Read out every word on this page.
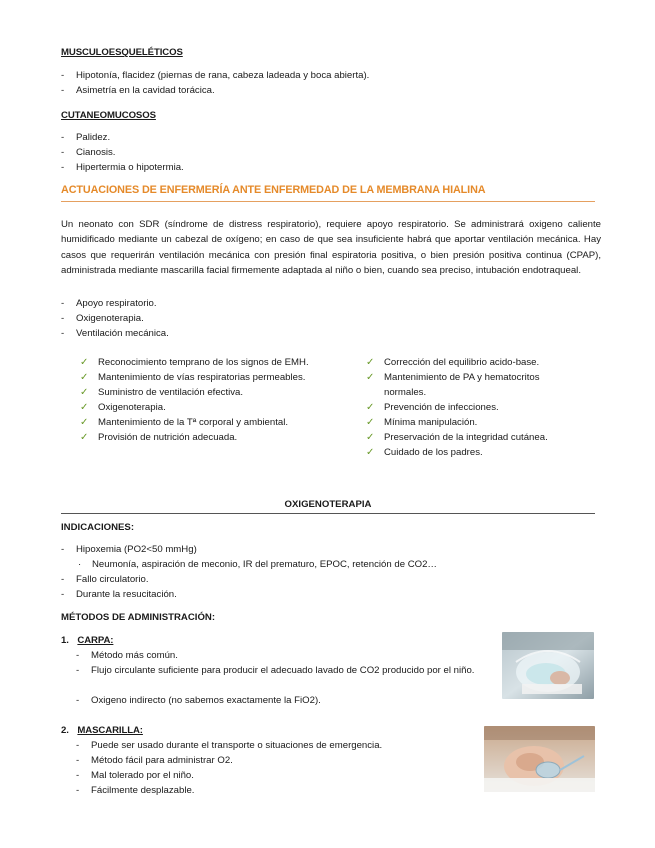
MUSCULOESQUELÉTICOS
- Hipotonía, flacidez (piernas de rana, cabeza ladeada y boca abierta).
- Asimetría en la cavidad torácica.
CUTANEOMUCOSOS
- Palidez.
- Cianosis.
- Hipertermia o hipotermia.
ACTUACIONES DE ENFERMERÍA ANTE ENFERMEDAD DE LA MEMBRANA HIALINA
Un neonato con SDR (síndrome de distress respiratorio), requiere apoyo respiratorio. Se administrará oxigeno caliente humidificado mediante un cabezal de oxígeno; en caso de que sea insuficiente habrá que aportar ventilación mecánica. Hay casos que requerirán ventilación mecánica con presión final espiratoria positiva, o bien presión positiva continua (CPAP), administrada mediante mascarilla facial firmemente adaptada al niño o bien, cuando sea preciso, intubación endotraqueal.
- Apoyo respiratorio.
- Oxigenoterapia.
- Ventilación mecánica.
✓ Reconocimiento temprano de los signos de EMH.
✓ Mantenimiento de vías respiratorias permeables.
✓ Suministro de ventilación efectiva.
✓ Oxigenoterapia.
✓ Mantenimiento de la Tª corporal y ambiental.
✓ Provisión de nutrición adecuada.
✓ Corrección del equilibrio acido-base.
✓ Mantenimiento de PA y hematocritos normales.
✓ Prevención de infecciones.
✓ Mínima manipulación.
✓ Preservación de la integridad cutánea.
✓ Cuidado de los padres.
OXIGENOTERAPIA
INDICACIONES:
- Hipoxemia (PO2<50 mmHg)
· Neumonía, aspiración de meconio, IR del prematuro, EPOC, retención de CO2…
- Fallo circulatorio.
- Durante la resucitación.
MÉTODOS DE ADMINISTRACIÓN:
1. CARPA:
- Método más común.
- Flujo circulante suficiente para producir el adecuado lavado de CO2 producido por el niño.
- Oxigeno indirecto (no sabemos exactamente la FiO2).
2. MASCARILLA:
- Puede ser usado durante el transporte o situaciones de emergencia.
- Método fácil para administrar O2.
- Mal tolerado por el niño.
- Fácilmente desplazable.
